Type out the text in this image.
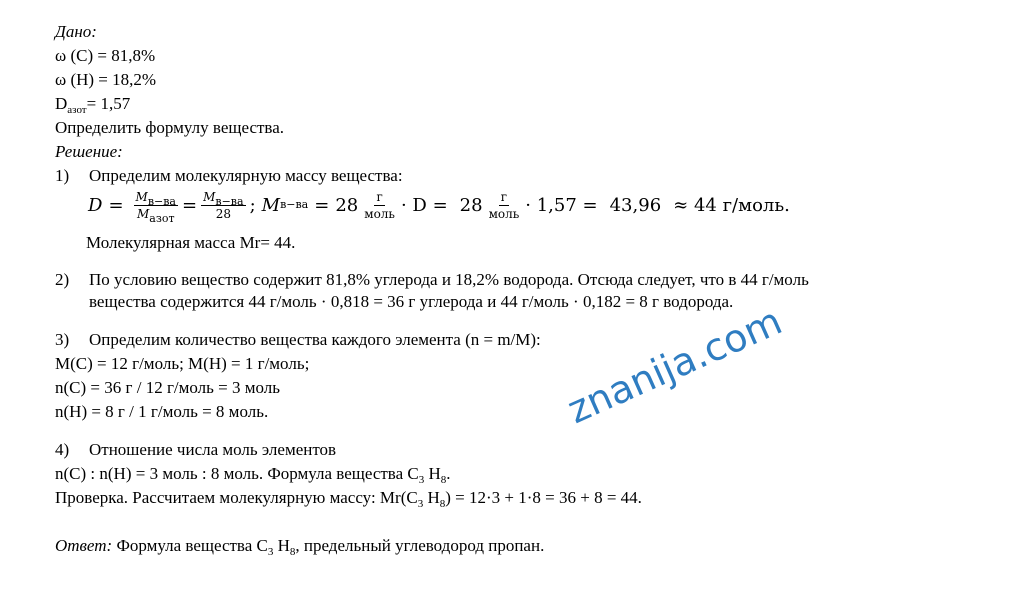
Дано:
ω (С) = 81,8%
ω (Н) = 18,2%
$D_{азот}= 1,57$
Определить формулу вещества.
Решение:
1) Определим молекулярную массу вещества:
$D = \frac{M_{в-ва}}{M_{азот}} = \frac{M_{в-ва}}{28}$ ; M $в-ва = 28 \frac{г}{\text{моль}} \cdot D = 28 \frac{г}{\text{моль}} \cdot 1,57 = 43,96 \approx 44$ г/моль.
Молекулярная масса Mr= 44.
2) По условию вещество содержит 81,8% углерода и 18,2% водорода. Отсюда следует, что в 44 г/моль
вещества содержится 44 г/моль · 0,818 = 36 г углерода и 44 г/моль · 0,182 = 8 г водорода.
3) Определим количество вещества каждого элемента (n = m/M):
M(C) = 12 г/моль; M(H) = 1 г/моль;
n(C) = 36 г / 12 г/моль = 3 моль
n(H) = 8 г / 1 г/моль = 8 моль.
4) Отношение числа моль элементов
n(C) : n(H) = 3 моль : 8 моль. Формула вещества $C_3$ $H_8$.
Проверка. Рассчитаем молекулярную массу: $Mr(C_3$ $H_8) = 12\cdot 3 + 1\cdot 8 = 36 + 8 = 44$.
Ответ: Формула вещества $C_3$ $H_8$, предельный углеводород пропан.
znanija.com
